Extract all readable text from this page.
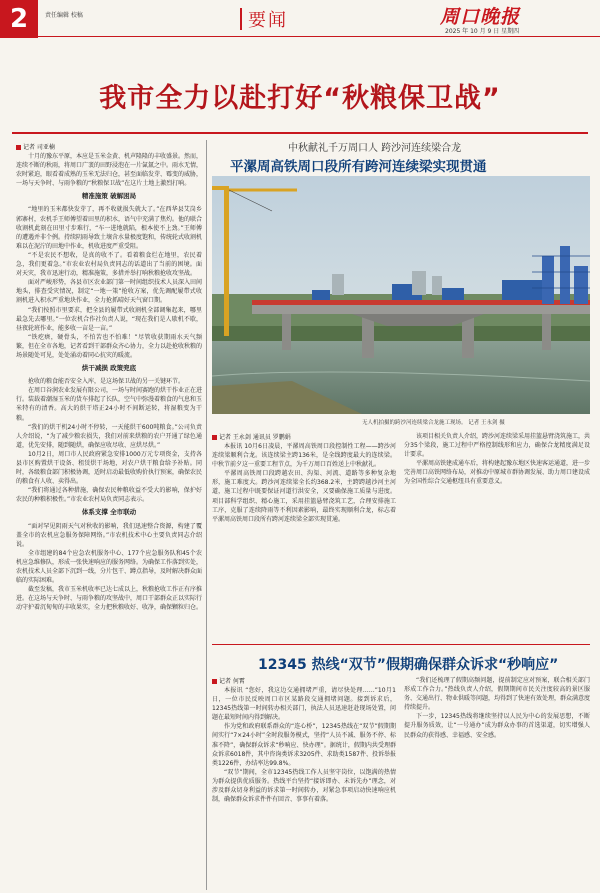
2	责任编辑 校稿	要闻	周口晚报
2025 年 10 月 9 日 星期四
我市全力以赴打好“秋粮保卫战”
记者 司亚楠

十月的豫东平原，本应是玉米金黄、机声隆隆的丰收盛景。然而，连续不断的秋雨，将周口广袤的田野浸泡在一片氤氲之中。雨水无情，农时紧迫，眼看着成熟的玉米无法归仓，甚至面临发芽、霉变的威胁，一场与天争时、与雨争粮的“秋粮保卫战”在这片土地上激烈打响。

精准施策 破解困局

“地里的玉米都快发芽了，再不收就损失就大了。”在西华县艾岗乡郭寨村，农机手王师傅望着田里的积水，语气中充满了焦灼。他的联合收割机此刻在田里寸步难行，“车一进地就陷，根本使不上劲。”王师傅的遭遇并非个例。持续阴雨导致土壤含水量极度饱和，传统轮式收割机难以在泥泞的田地中作业，机收进度严重受阻。

“不是农民不想收，是真的收不了。看着粮食烂在地里，农民着急，我们更着急。”市农业农村局负责同志的话道出了当前的困境。面对天灾，我市迅速行动，精准施策，多措并举打响秋粮抢收攻坚战。

面对严峻形势，各县市区农业部门第一时间组织技术人员深入田间地头，排查受灾情况，制定“一地一策”抢收方案，优先调配履带式收割机进入积水严重地块作业，全力抢抓晴好天气窗口期。

“我们按照市里要求，把全县的履带式收割机全部调集起来，哪里最急先去哪里。”一位农机合作社负责人说，“现在我们是人歇机不歇，昼夜轮班作业，能多收一亩是一亩。”

“铁疙瘩，硬骨头，不怕苦也不怕难！”尽管收获期雨水天气频繁，但在全市各地，记者看到干部群众齐心协力，全力以赴抢收秋粮的场景随处可见，处处涌动着同心抗灾的暖流。

烘干减损 政策兜底

抢收的粮食能否安全入库，是这场保卫战的另一关键环节。

在周口谷润农业发展有限公司，一场与时间赛跑的烘干作业正在进行。装载着潮湿玉米的货车排起了长队，空气中弥漫着粮食的气息和玉米特有的清香。高大的烘干塔正24小时不间断运转，将湿粮变为干粮。

“我们的烘干机24小时不停转，一天能烘干600吨粮食。”公司负责人介绍说，“为了减少粮农损失，我们对前来烘粮的农户开通了绿色通道，优先安排，随到随烘，确保应收尽收、应烘尽烘。”

10月2日，周口市人民政府紧急安排1000万元专项资金，支持各县市区购置烘干设备、租赁烘干场地，对农户烘干粮食给予补贴。同时，各级粮食部门积极协调，适时启动最低收购价执行预案，确保农民的粮食有人收、卖得出。

“我们将通过各种措施，确保农民种粮收益不受大的影响，保护好农民的种粮积极性。”市农业农村局负责同志表示。

体系支撑 全市联动

“面对罕见阴雨天气对秋收的影响，我们迅速整合资源，构建了覆盖全市的农机应急服务保障网络。”市农机技术中心主要负责同志介绍说。

全市组建的84个应急农机服务中心、177个应急服务队和45个农机应急维修队，形成一张快速响应的服务网络。为确保工作落到实处，农机技术人员全部下沉到一线，分片包干、蹲点指导，及时解决群众面临的实际困难。

截至发稿，我市玉米机收率已达七成以上，秋粮抢收工作正有序推进。在这场与天争时、与雨争粮的攻坚战中，周口干部群众正以实际行动守护着沉甸甸的丰收果实，全力把秋粮收好、收净，确保颗粒归仓。

中秋献礼千万周口人 跨沙河连续梁合龙
平漯周高铁周口段所有跨河连续梁实现贯通
无人机拍摄的跨沙河连续梁合龙施工现场。 记者 王永剑 摄
记者 王永剑 通讯员 罗鹏娟

本报讯 10月6日凌晨，平漯周高铁周口段控制性工程——跨沙河连续梁顺利合龙。该连续梁主跨136米，是全线跨度最大的连续梁。中秋节前夕这一重要工程节点，为千万周口百姓送上中秋献礼。

平漯周高铁周口段跨越农田、沟渠、河流、道路等多种复杂地形，施工难度大。跨沙河连续梁全长约368.2米，主跨跨越沙河主河道，施工过程中既要保证河道行洪安全，又要确保施工质量与进度。项目部科学组织、精心施工，采用挂篮悬臂浇筑工艺，合理安排施工工序，克服了连续降雨等不利因素影响，最终实现顺利合龙，标志着平漯周高铁周口段所有跨河连续梁全部实现贯通。

该项目相关负责人介绍，跨沙河连续梁采用挂篮悬臂浇筑施工，共分35个梁段，施工过程中严格控制线形和应力，确保合龙精度满足设计要求。

平漯周高铁建成通车后，将构建起豫东地区快速客运通道，进一步完善周口高铁网络布局，对推动中原城市群协调发展、助力周口建设成为全国性综合交通枢纽具有重要意义。

12345 热线“双节”假期确保群众诉求“秒响应”
记者 何霄

本报讯 “您好，我这边交通拥堵严重，请尽快处理……”10月1日，一位市民反映周口市区某路段交通拥堵问题。接到诉求后，12345热线第一时间转办相关部门，执法人员迅速赶赴现场处置，问题在最短时间内得到解决。

作为党和政府联系群众的“连心桥”，12345热线在“双节”假期期间实行“7×24小时”全时段服务模式，坚持“人员不减、服务不停、标准不降”，确保群众诉求“秒响应、快办理”。据统计，假期内共受理群众诉求6018件，其中咨询类诉求3205件、求助类1587件、投诉举报类1226件，办结率达99.8%。

“双节”期间，全市12345热线工作人员坚守岗位，以饱满的热情为群众提供优质服务。热线平台坚持“接诉即办、未诉先办”理念，对涉及群众切身利益的诉求第一时间转办，对紧急事项启动快速响应机制，确保群众诉求件件有回音、事事有着落。

“我们还梳理了假期高频问题，提前制定应对预案，联合相关部门形成工作合力。”热线负责人介绍，假期期间市民关注度较高的景区服务、交通出行、物业供暖等问题，均得到了快速有效处理，群众满意度持续提升。

下一步，12345热线将继续坚持以人民为中心的发展思想，不断提升服务质效，让“一号通办”成为群众办事的首选渠道，切实增强人民群众的获得感、幸福感、安全感。
